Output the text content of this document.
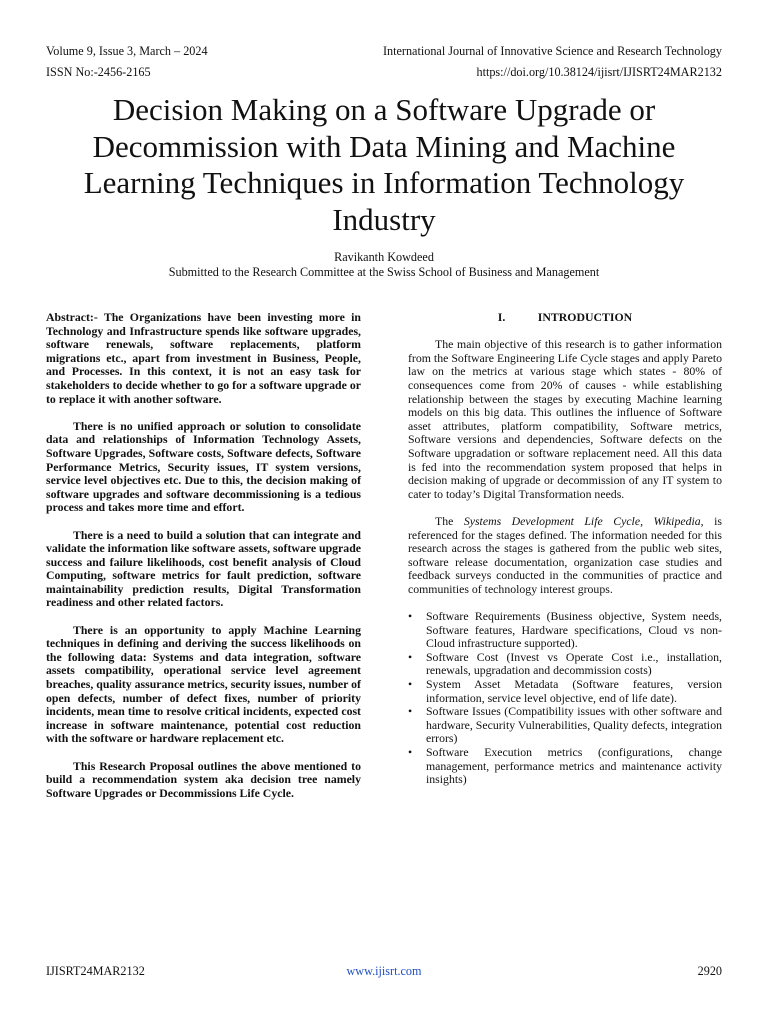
Volume 9, Issue 3, March – 2024	International Journal of Innovative Science and Research Technology
ISSN No:-2456-2165	https://doi.org/10.38124/ijisrt/IJISRT24MAR2132
Decision Making on a Software Upgrade or Decommission with Data Mining and Machine Learning Techniques in Information Technology Industry
Ravikanth Kowdeed
Submitted to the Research Committee at the Swiss School of Business and Management

Abstract:- The Organizations have been investing more in Technology and Infrastructure spends like software upgrades, software renewals, software replacements, platform migrations etc., apart from investment in Business, People, and Processes. In this context, it is not an easy task for stakeholders to decide whether to go for a software upgrade or to replace it with another software.

There is no unified approach or solution to consolidate data and relationships of Information Technology Assets, Software Upgrades, Software costs, Software defects, Software Performance Metrics, Security issues, IT system versions, service level objectives etc. Due to this, the decision making of software upgrades and software decommissioning is a tedious process and takes more time and effort.

There is a need to build a solution that can integrate and validate the information like software assets, software upgrade success and failure likelihoods, cost benefit analysis of Cloud Computing, software metrics for fault prediction, software maintainability prediction results, Digital Transformation readiness and other related factors.

There is an opportunity to apply Machine Learning techniques in defining and deriving the success likelihoods on the following data: Systems and data integration, software assets compatibility, operational service level agreement breaches, quality assurance metrics, security issues, number of open defects, number of defect fixes, number of priority incidents, mean time to resolve critical incidents, expected cost increase in software maintenance, potential cost reduction with the software or hardware replacement etc.

This Research Proposal outlines the above mentioned to build a recommendation system aka decision tree namely Software Upgrades or Decommissions Life Cycle.

I.	INTRODUCTION

The main objective of this research is to gather information from the Software Engineering Life Cycle stages and apply Pareto law on the metrics at various stage which states - 80% of consequences come from 20% of causes - while establishing relationship between the stages by executing Machine learning models on this big data. This outlines the influence of Software asset attributes, platform compatibility, Software metrics, Software versions and dependencies, Software defects on the Software upgradation or software replacement need. All this data is fed into the recommendation system proposed that helps in decision making of upgrade or decommission of any IT system to cater to today’s Digital Transformation needs.

The Systems Development Life Cycle, Wikipedia, is referenced for the stages defined. The information needed for this research across the stages is gathered from the public web sites, software release documentation, organization case studies and feedback surveys conducted in the communities of practice and communities of technology interest groups.

• Software Requirements (Business objective, System needs, Software features, Hardware specifications, Cloud vs non-Cloud infrastructure supported).
• Software Cost (Invest vs Operate Cost i.e., installation, renewals, upgradation and decommission costs)
• System Asset Metadata (Software features, version information, service level objective, end of life date).
• Software Issues (Compatibility issues with other software and hardware, Security Vulnerabilities, Quality defects, integration errors)
• Software Execution metrics (configurations, change management, performance metrics and maintenance activity insights)
IJISRT24MAR2132	www.ijisrt.com	2920
